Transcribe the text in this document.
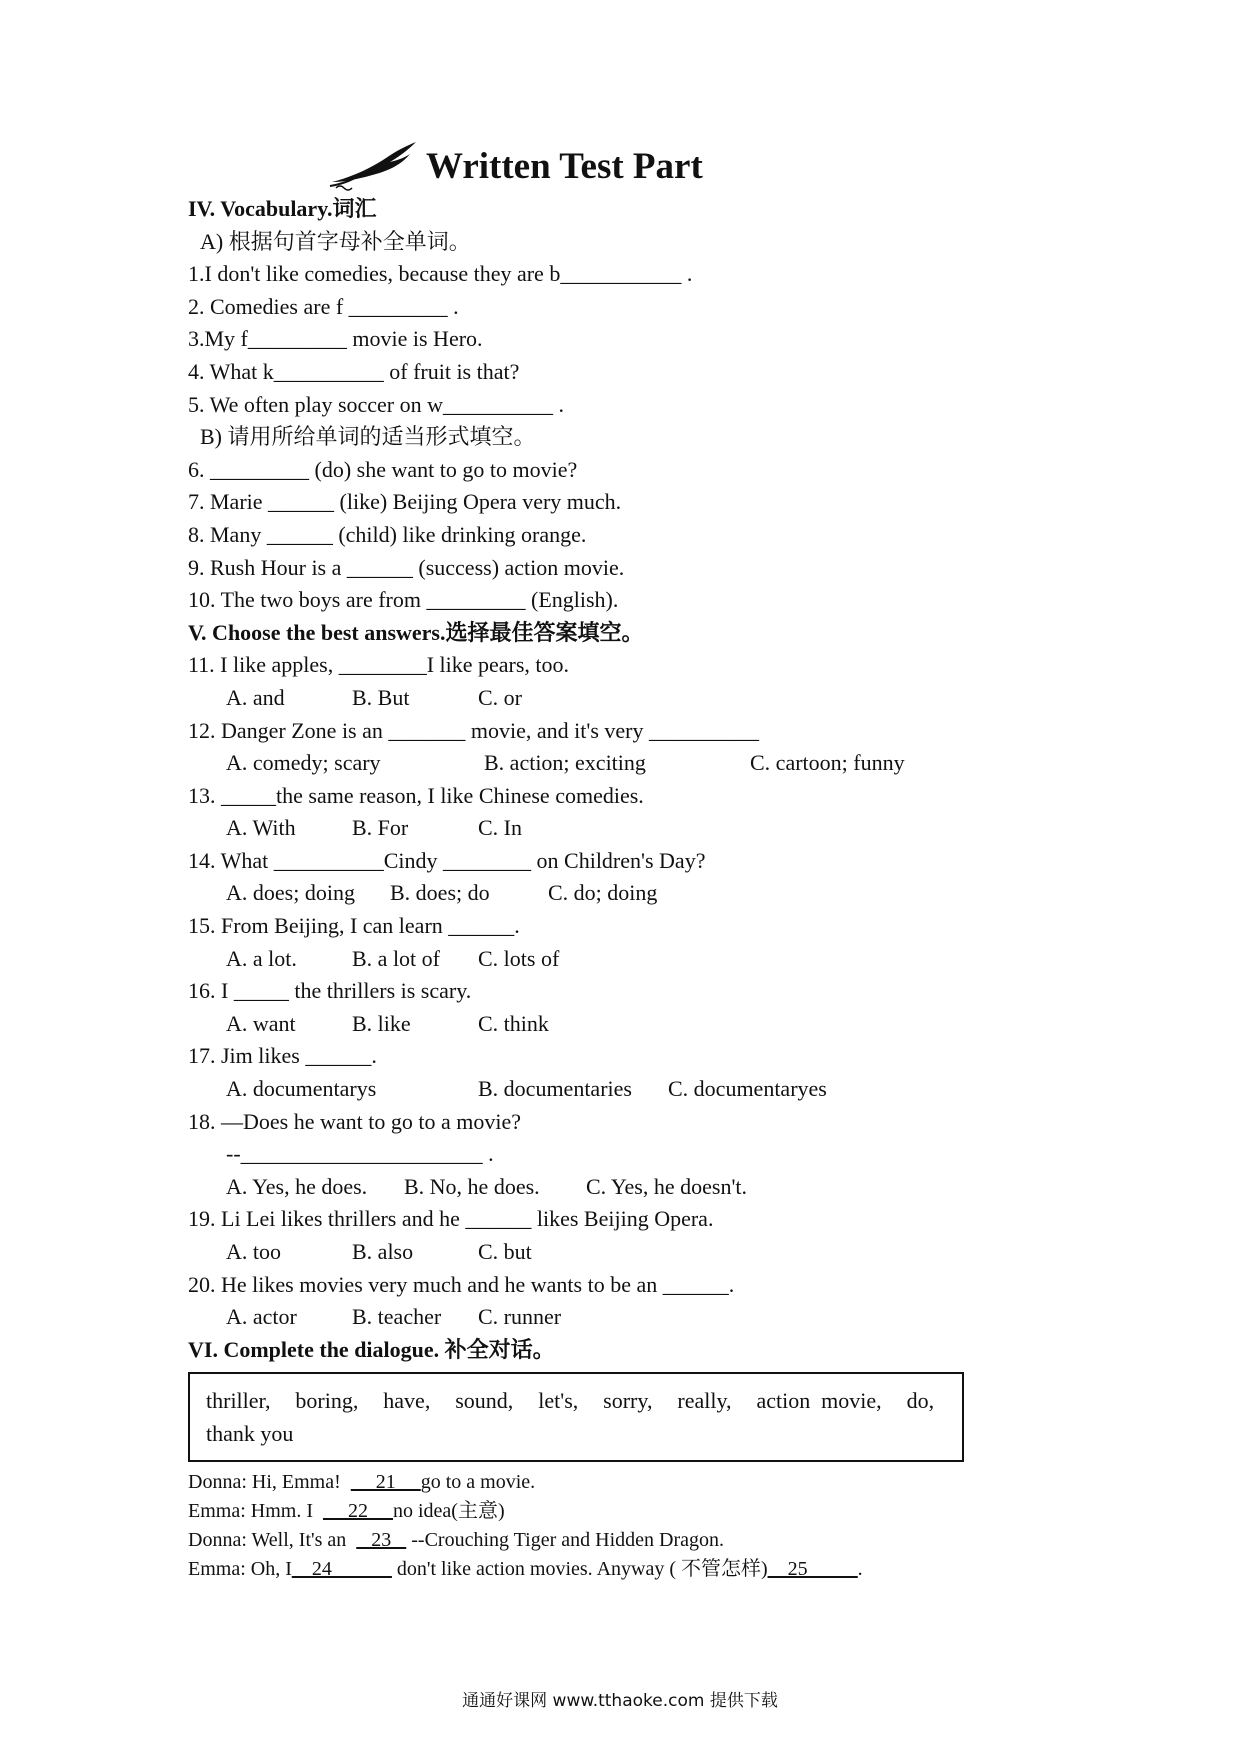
Written Test Part
IV. Vocabulary.词汇
A) 根据句首字母补全单词。
1.I don't like comedies, because they are b___________ .
2. Comedies are f _________ .
3.My f_________ movie is Hero.
4. What k__________ of fruit is that?
5. We often play soccer on w__________ .
B) 请用所给单词的适当形式填空。
6. _________ (do) she want to go to movie?
7. Marie ______ (like) Beijing Opera very much.
8. Many ______ (child) like drinking orange.
9. Rush Hour is a ______ (success) action movie.
10. The two boys are from _________ (English).
V. Choose the best answers.选择最佳答案填空。
11. I like apples, ________I like pears, too.
A. and	B. But	C. or
12. Danger Zone is an _______ movie, and it's very __________
A. comedy; scary	B. action; exciting	C. cartoon; funny
13. _____the same reason, I like Chinese comedies.
A. With	B. For	C. In
14. What __________Cindy ________ on Children's Day?
A. does; doing B. does; do	C. do; doing
15. From Beijing, I can learn ______.
A. a lot.	B. a lot of C. lots of
16. I _____ the thrillers is scary.
A. want	B. like	C. think
17. Jim likes ______.
A. documentarys	B. documentaries C. documentaryes
18. —Does he want to go to a movie?
--______________________ .
A. Yes, he does. B. No, he does. C. Yes, he doesn't.
19. Li Lei likes thrillers and he ______ likes Beijing Opera.
A. too	B. also	C. but
20. He likes movies very much and he wants to be an ______.
A. actor	B. teacher C. runner
VI. Complete the dialogue. 补全对话。
thriller, boring, have, sound, let's, sorry, really, action movie, do, thank you
Donna: Hi, Emma!       21     go to a movie.
Emma: Hmm. I       22     no idea(主意)
Donna: Well, It's an     23    --Crouching Tiger and Hidden Dragon.
Emma: Oh, I__24______ don't like action movies. Anyway ( 不管怎样)__25_____.
通通好课网 www.tthaoke.com 提供下载
